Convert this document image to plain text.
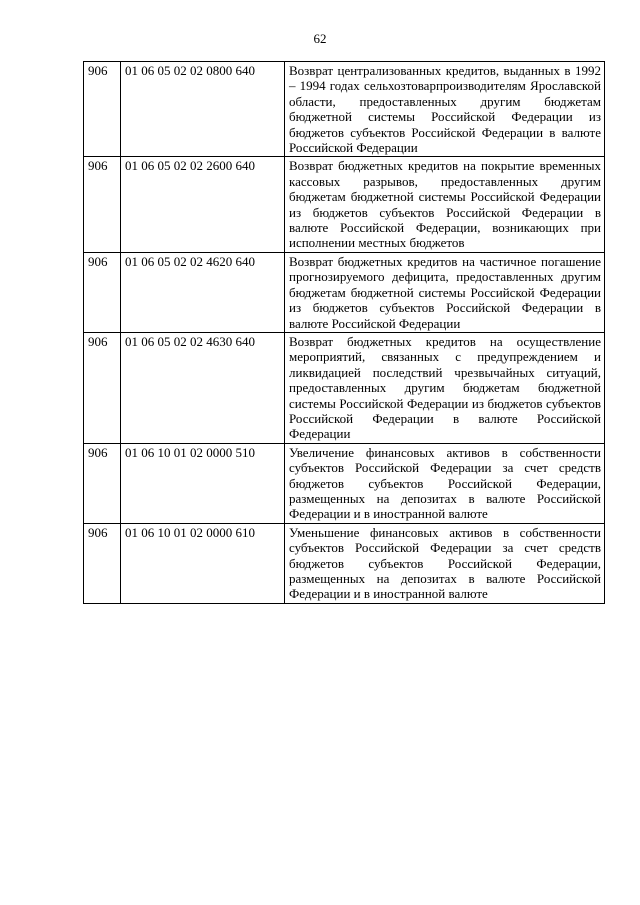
62
906	01 06 05 02 02 0800 640	Возврат централизованных кредитов, выданных в 1992 – 1994 годах сельхозтоварпроизводителям Ярославской области, предоставленных другим бюджетам бюджетной системы Российской Федерации из бюджетов субъектов Российской Федерации в валюте Российской Федерации
906	01 06 05 02 02 2600 640	Возврат бюджетных кредитов на покрытие временных кассовых разрывов, предоставленных другим бюджетам бюджетной системы Российской Федерации из бюджетов субъектов Российской Федерации в валюте Российской Федерации, возникающих при исполнении местных бюджетов
906	01 06 05 02 02 4620 640	Возврат бюджетных кредитов на частичное погашение прогнозируемого дефицита, предоставленных другим бюджетам бюджетной системы Российской Федерации из бюджетов субъектов Российской Федерации в валюте Российской Федерации
906	01 06 05 02 02 4630 640	Возврат бюджетных кредитов на осуществление мероприятий, связанных с предупреждением и ликвидацией последствий чрезвычайных ситуаций, предоставленных другим бюджетам бюджетной системы Российской Федерации из бюджетов субъектов Российской Федерации в валюте Российской Федерации
906	01 06 10 01 02 0000 510	Увеличение финансовых активов в собственности субъектов Российской Федерации за счет средств бюджетов субъектов Российской Федерации, размещенных на депозитах в валюте Российской Федерации и в иностранной валюте
906	01 06 10 01 02 0000 610	Уменьшение финансовых активов в собственности субъектов Российской Федерации за счет средств бюджетов субъектов Российской Федерации, размещенных на депозитах в валюте Российской Федерации и в иностранной валюте
